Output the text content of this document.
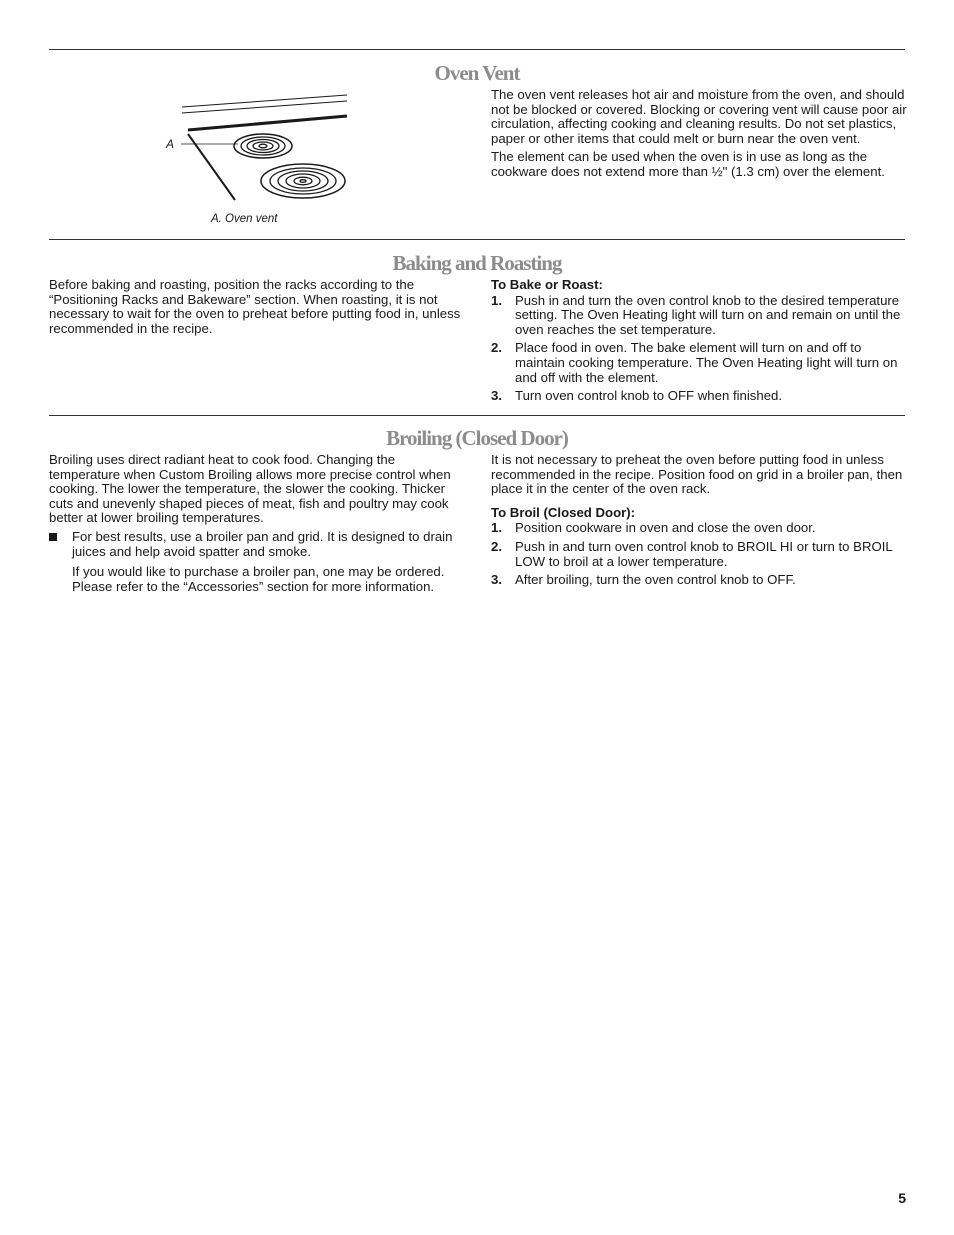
Oven Vent
A
A. Oven vent

The oven vent releases hot air and moisture from the oven, and should not be blocked or covered. Blocking or covering vent will cause poor air circulation, affecting cooking and cleaning results. Do not set plastics, paper or other items that could melt or burn near the oven vent.

The element can be used when the oven is in use as long as the cookware does not extend more than ½" (1.3 cm) over the element.

Baking and Roasting

Before baking and roasting, position the racks according to the “Positioning Racks and Bakeware” section. When roasting, it is not necessary to wait for the oven to preheat before putting food in, unless recommended in the recipe.

To Bake or Roast:

1. Push in and turn the oven control knob to the desired temperature setting. The Oven Heating light will turn on and remain on until the oven reaches the set temperature.
2. Place food in oven. The bake element will turn on and off to maintain cooking temperature. The Oven Heating light will turn on and off with the element.
3. Turn oven control knob to OFF when finished.
Broiling (Closed Door)

Broiling uses direct radiant heat to cook food. Changing the temperature when Custom Broiling allows more precise control when cooking. The lower the temperature, the slower the cooking. Thicker cuts and unevenly shaped pieces of meat, fish and poultry may cook better at lower broiling temperatures.

For best results, use a broiler pan and grid. It is designed to drain juices and help avoid spatter and smoke.

If you would like to purchase a broiler pan, one may be ordered. Please refer to the “Accessories” section for more information.

It is not necessary to preheat the oven before putting food in unless recommended in the recipe. Position food on grid in a broiler pan, then place it in the center of the oven rack.

To Broil (Closed Door):

1. Position cookware in oven and close the oven door.
2. Push in and turn oven control knob to BROIL HI or turn to BROIL LOW to broil at a lower temperature.
3. After broiling, turn the oven control knob to OFF.
5
